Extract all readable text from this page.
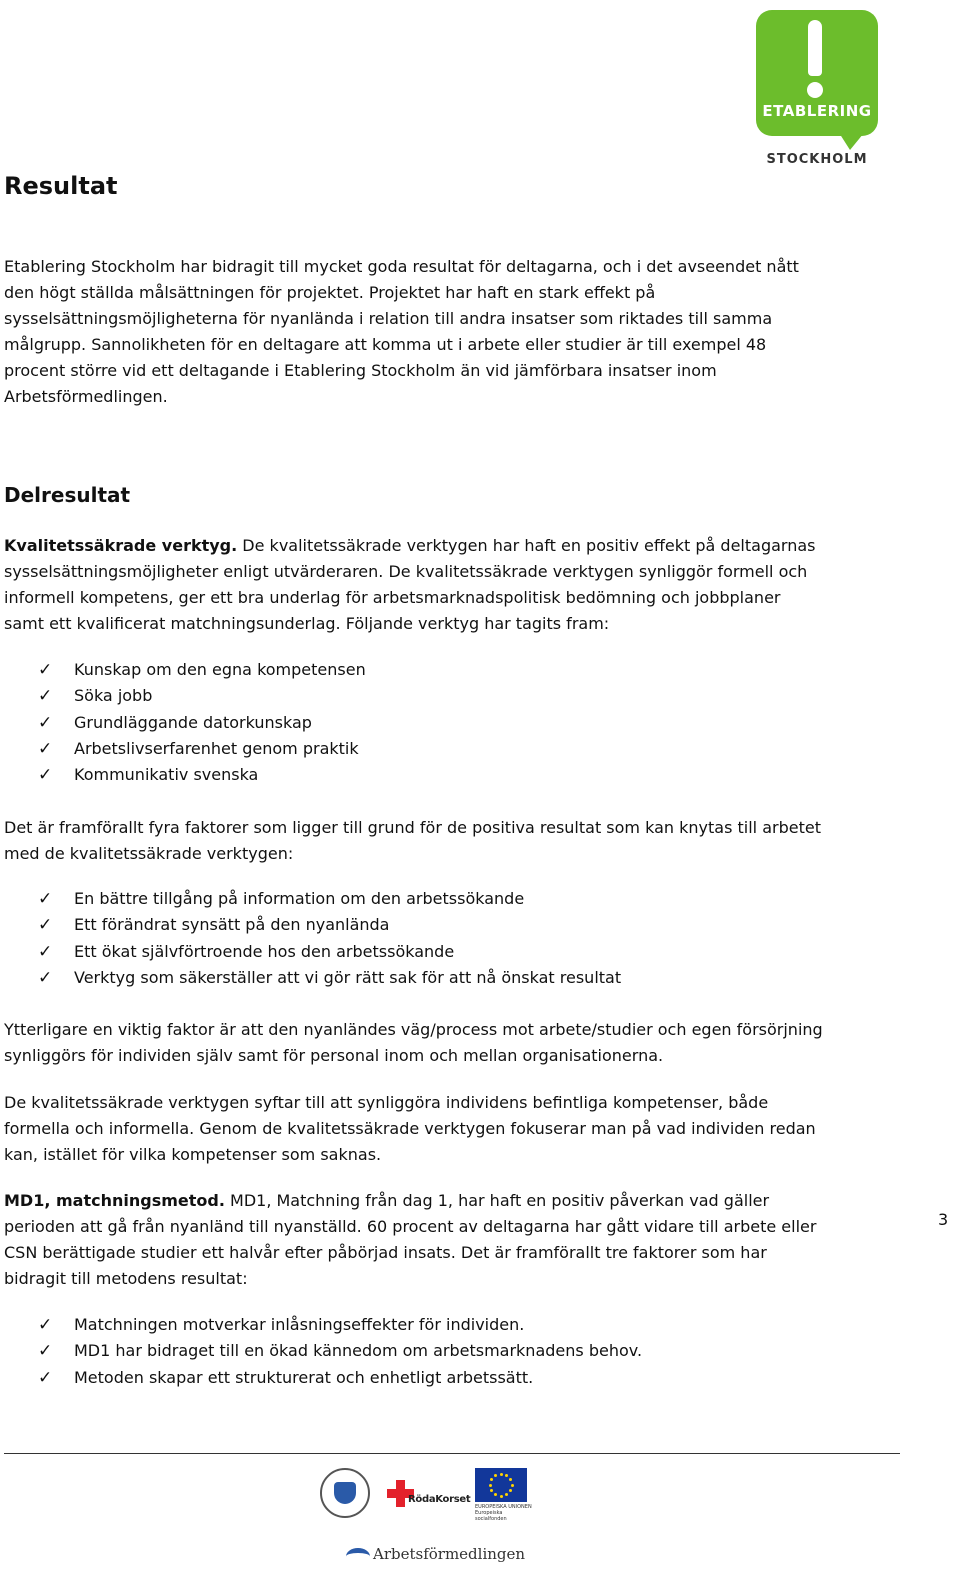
ETABLERING
STOCKHOLM
Resultat

Etablering Stockholm har bidragit till mycket goda resultat för deltagarna, och i det avseendet nått den högt ställda målsättningen för projektet. Projektet har haft en stark effekt på sysselsättningsmöjligheterna för nyanlända i relation till andra insatser som riktades till samma målgrupp. Sannolikheten för en deltagare att komma ut i arbete eller studier är till exempel 48 procent större vid ett deltagande i Etablering Stockholm än vid jämförbara insatser inom Arbetsförmedlingen.

Delresultat

Kvalitetssäkrade verktyg. De kvalitetssäkrade verktygen har haft en positiv effekt på deltagarnas sysselsättningsmöjligheter enligt utvärderaren. De kvalitetssäkrade verktygen synliggör formell och informell kompetens, ger ett bra underlag för arbetsmarknadspolitisk bedömning och jobbplaner samt ett kvalificerat matchningsunderlag. Följande verktyg har tagits fram:

✓	Kunskap om den egna kompetensen
✓	Söka jobb
✓	Grundläggande datorkunskap
✓	Arbetslivserfarenhet genom praktik
✓	Kommunikativ svenska

Det är framförallt fyra faktorer som ligger till grund för de positiva resultat som kan knytas till arbetet med de kvalitetssäkrade verktygen:

✓	En bättre tillgång på information om den arbetssökande
✓	Ett förändrat synsätt på den nyanlända
✓	Ett ökat självförtroende hos den arbetssökande
✓	Verktyg som säkerställer att vi gör rätt sak för att nå önskat resultat

Ytterligare en viktig faktor är att den nyanländes väg/process mot arbete/studier och egen försörjning synliggörs för individen själv samt för personal inom och mellan organisationerna.

De kvalitetssäkrade verktygen syftar till att synliggöra individens befintliga kompetenser, både formella och informella. Genom de kvalitetssäkrade verktygen fokuserar man på vad individen redan kan, istället för vilka kompetenser som saknas.

MD1, matchningsmetod. MD1, Matchning från dag 1, har haft en positiv påverkan vad gäller perioden att gå från nyanländ till nyanställd. 60 procent av deltagarna har gått vidare till arbete eller CSN berättigade studier ett halvår efter påbörjad insats. Det är framförallt tre faktorer som har bidragit till metodens resultat:

✓	Matchningen motverkar inlåsningseffekter för individen.
✓	MD1 har bidraget till en ökad kännedom om arbetsmarknadens behov.
✓	Metoden skapar ett strukturerat och enhetligt arbetssätt.
3
RödaKorset
EUROPEISKA UNIONEN Europeiska socialfonden
Arbetsförmedlingen
